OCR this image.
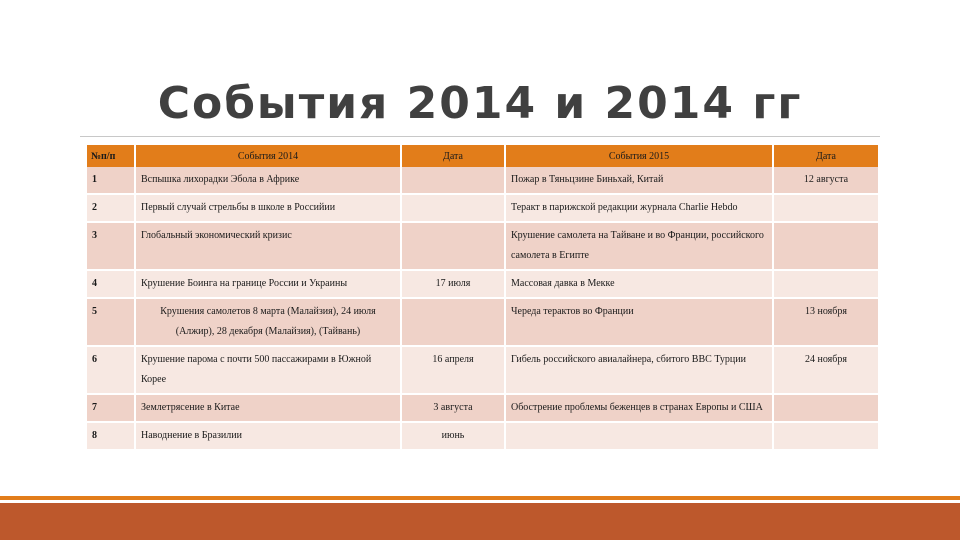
События 2014 и 2014 гг
№п/п	События 2014	Дата	События 2015	Дата
1	Вспышка лихорадки Эбола в Африке		Пожар в Тяньцзине Биньхай, Китай	12 августа
2	Первый случай стрельбы в школе в Российии		Теракт в парижской редакции журнала Charlie Hebdo	
3	Глобальный экономический кризис		Крушение самолета на Тайване и во Франции, российского самолета в Египте	
4	Крушение Боинга на границе России и Украины	17 июля	Массовая давка в Мекке	
5	Крушения самолетов 8 марта (Малайзия), 24 июля (Алжир), 28 декабря (Малайзия), (Тайвань)		Череда терактов во Франции	13 ноября
6	Крушение парома с почти 500 пассажирами в Южной Корее	16 апреля	Гибель российского авиалайнера, сбитого ВВС Турции	24 ноября
7	Землетрясение в Китае	3 августа	Обострение проблемы беженцев в странах Европы и США	
8	Наводнение в Бразилии	июнь		
